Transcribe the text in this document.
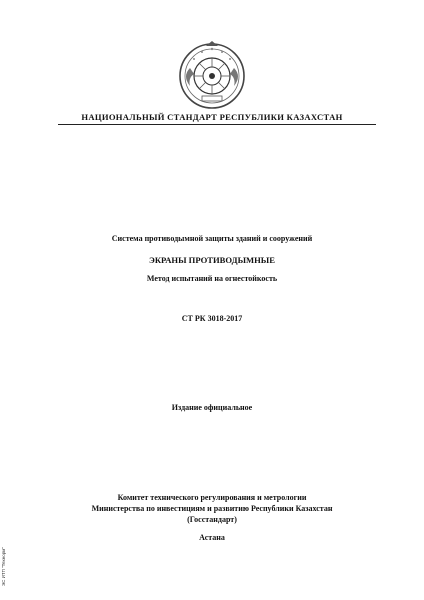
НАЦИОНАЛЬНЫЙ СТАНДАРТ РЕСПУБЛИКИ КАЗАХСТАН
Система противодымной защиты зданий и сооружений
ЭКРАНЫ ПРОТИВОДЫМНЫЕ
Метод испытаний на огнестойкость
СТ РК 3018-2017
Издание официальное
Комитет технического регулирования и метрологии
Министерства по инвестициям и развитию Республики Казахстан
(Госстандарт)
Астана
ЭС ИТП "Технорм"
